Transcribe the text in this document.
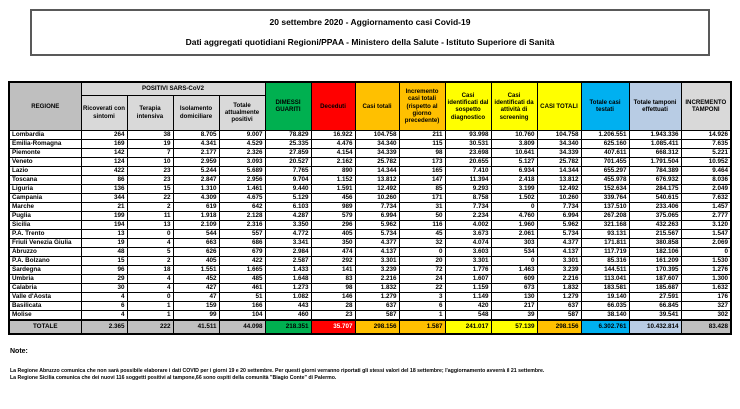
20 settembre 2020 - Aggiornamento casi Covid-19
Dati aggregati quotidiani Regioni/PPAA - Ministero della Salute - Istituto Superiore di Sanità
REGIONE	POSITIVI SARS-CoV2				DIMESSI GUARITI	Deceduti	Casi totali	Incremento casi totali (rispetto al giorno precedente)	Casi identificati dal sospetto diagnostico	Casi identificati da attività di screening	CASI TOTALI	Totale casi testati	Totale tamponi effettuati	INCREMENTO TAMPONI
	Ricoverati con sintomi	Terapia intensiva	Isolamento domiciliare	Totale attualmente positivi										
Lombardia	264	38	8.705	9.007	78.829	16.922	104.758	211	93.998	10.760	104.758	1.206.551	1.943.336	14.926
Emilia-Romagna	169	19	4.341	4.529	25.335	4.476	34.340	115	30.531	3.809	34.340	625.160	1.085.411	7.635
Piemonte	142	7	2.177	2.326	27.859	4.154	34.339	98	23.698	10.641	34.339	407.611	668.312	5.221
Veneto	124	10	2.959	3.093	20.527	2.162	25.782	173	20.655	5.127	25.782	701.455	1.791.504	10.952
Lazio	422	23	5.244	5.689	7.765	890	14.344	165	7.410	6.934	14.344	655.297	784.389	9.464
Toscana	86	23	2.847	2.956	9.704	1.152	13.812	147	11.394	2.418	13.812	455.978	676.932	8.036
Liguria	136	15	1.310	1.461	9.440	1.591	12.492	85	9.293	3.199	12.492	152.634	284.175	2.049
Campania	344	22	4.309	4.675	5.129	456	10.260	171	8.758	1.502	10.260	339.764	540.615	7.632
Marche	21	2	619	642	6.103	989	7.734	31	7.734	0	7.734	137.510	233.406	1.457
Puglia	199	11	1.918	2.128	4.287	579	6.994	50	2.234	4.760	6.994	267.208	375.065	2.777
Sicilia	194	13	2.109	2.316	3.350	296	5.962	116	4.002	1.960	5.962	321.168	432.263	3.120
P.A. Trento	13	0	544	557	4.772	405	5.734	45	3.673	2.061	5.734	93.131	215.567	1.547
Friuli Venezia Giulia	19	4	663	686	3.341	350	4.377	32	4.074	303	4.377	171.811	380.858	2.069
Abruzzo	48	5	626	679	2.984	474	4.137	0	3.603	534	4.137	117.719	182.106	0
P.A. Bolzano	15	2	405	422	2.587	292	3.301	20	3.301	0	3.301	85.316	161.209	1.530
Sardegna	96	18	1.551	1.665	1.433	141	3.239	72	1.776	1.463	3.239	144.511	170.395	1.276
Umbria	29	4	452	485	1.648	83	2.216	24	1.607	609	2.216	113.041	187.607	1.300
Calabria	30	4	427	461	1.273	98	1.832	22	1.159	673	1.832	183.581	185.687	1.632
Valle d'Aosta	4	0	47	51	1.082	146	1.279	3	1.149	130	1.279	19.140	27.591	176
Basilicata	6	1	159	166	443	28	637	6	420	217	637	66.035	66.845	327
Molise	4	1	99	104	460	23	587	1	548	39	587	38.140	39.541	302
TOTALE	2.365	222	41.511	44.098	218.351	35.707	298.156	1.587	241.017	57.139	298.156	6.302.761	10.432.814	83.428
Note:
La Regione Abruzzo comunica che non sarà possibile elaborare i dati COVID per i giorni 19 e 20 settembre. Per questi giorni verranno riportati gli stessi valori del 18 settembre; l'aggiornamento avverrà il 21 settembre.
La Regione Sicilia comunica che dei nuovi 116 soggetti positivi al tampone,66 sono ospiti della comunità "Biagio Conte" di Palermo.
